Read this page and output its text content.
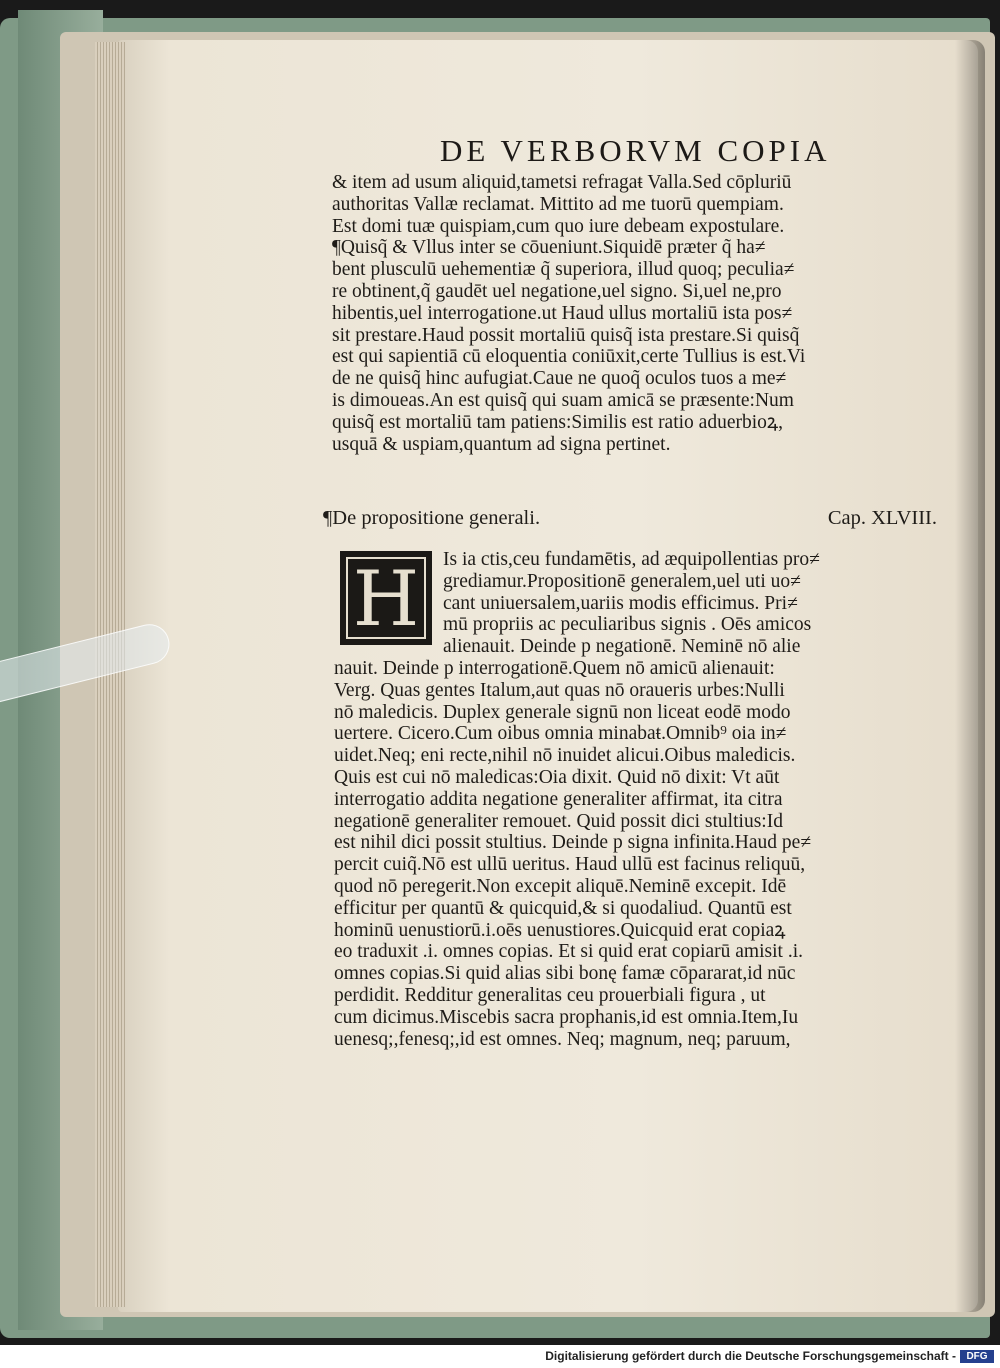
DE VERBORVM COPIA
& item ad usum aliquid,tametsi refragaŧ Valla.Sed cōpluriū
authoritas Vallæ reclamat. Mittito ad me tuorū quempiam.
Est domi tuæ quispiam,cum quo iure debeam expostulare.
¶Quisq̃ & Vllus inter se cōueniunt.Siquidē præter q̃ ha≠
bent plusculū uehementiæ q̃ superiora, illud quoq; peculia≠
re obtinent,q̃ gaudēt uel negatione,uel signo. Si,uel ne,pro
hibentis,uel interrogatione.ut Haud ullus mortaliū ista pos≠
sit prestare.Haud possit mortaliū quisq̃ ista prestare.Si quisq̃
est qui sapientiā cū eloquentia coniūxit,certe Tullius is est.Vi
de ne quisq̃ hinc aufugiat.Caue ne quoq̃ oculos tuos a me≠
is dimoueas.An est quisq̃ qui suam amicā se præsente:Num
quisq̃ est mortaliū tam patiens:Similis est ratio aduerbioꝝ,
usquā & uspiam,quantum ad signa pertinet.
¶De propositione generali.	Cap. XLVIII.
H	Is ia ctis,ceu fundamētis, ad æquipollentias pro≠
grediamur.Propositionē generalem,uel uti uo≠
cant uniuersalem,uariis modis efficimus. Pri≠
mū propriis ac peculiaribus signis . Oēs amicos
alienauit. Deinde p negationē. Neminē nō alie
nauit. Deinde p interrogationē.Quem nō amicū alienauit:
Verg. Quas gentes Italum,aut quas nō oraueris urbes:Nulli
nō maledicis. Duplex generale signū non liceat eodē modo
uertere. Cicero.Cum oibus omnia minabaŧ.Omnib⁹ oia in≠
uidet.Neq; eni recte,nihil nō inuidet alicui.Oibus maledicis.
Quis est cui nō maledicas:Oia dixit. Quid nō dixit: Vt aūt
interrogatio addita negatione generaliter affirmat, ita citra
negationē generaliter remouet. Quid possit dici stultius:Id
est nihil dici possit stultius. Deinde p signa infinita.Haud pe≠
percit cuiq̃.Nō est ullū ueritus. Haud ullū est facinus reliquū,
quod nō peregerit.Non excepit aliquē.Neminē excepit. Idē
efficitur per quantū & quicquid,& si quodaliud. Quantū est
hominū uenustiorū.i.oēs uenustiores.Quicquid erat copiaꝝ
eo traduxit .i. omnes copias. Et si quid erat copiarū amisit .i.
omnes copias.Si quid alias sibi bonę famæ cōpararat,id nūc
perdidit. Redditur generalitas ceu prouerbiali figura , ut
cum dicimus.Miscebis sacra prophanis,id est omnia.Item,Iu
uenesq;,fenesq;,id est omnes. Neq; magnum, neq; paruum,
Digitalisierung gefördert durch die Deutsche Forschungsgemeinschaft -	DFG
